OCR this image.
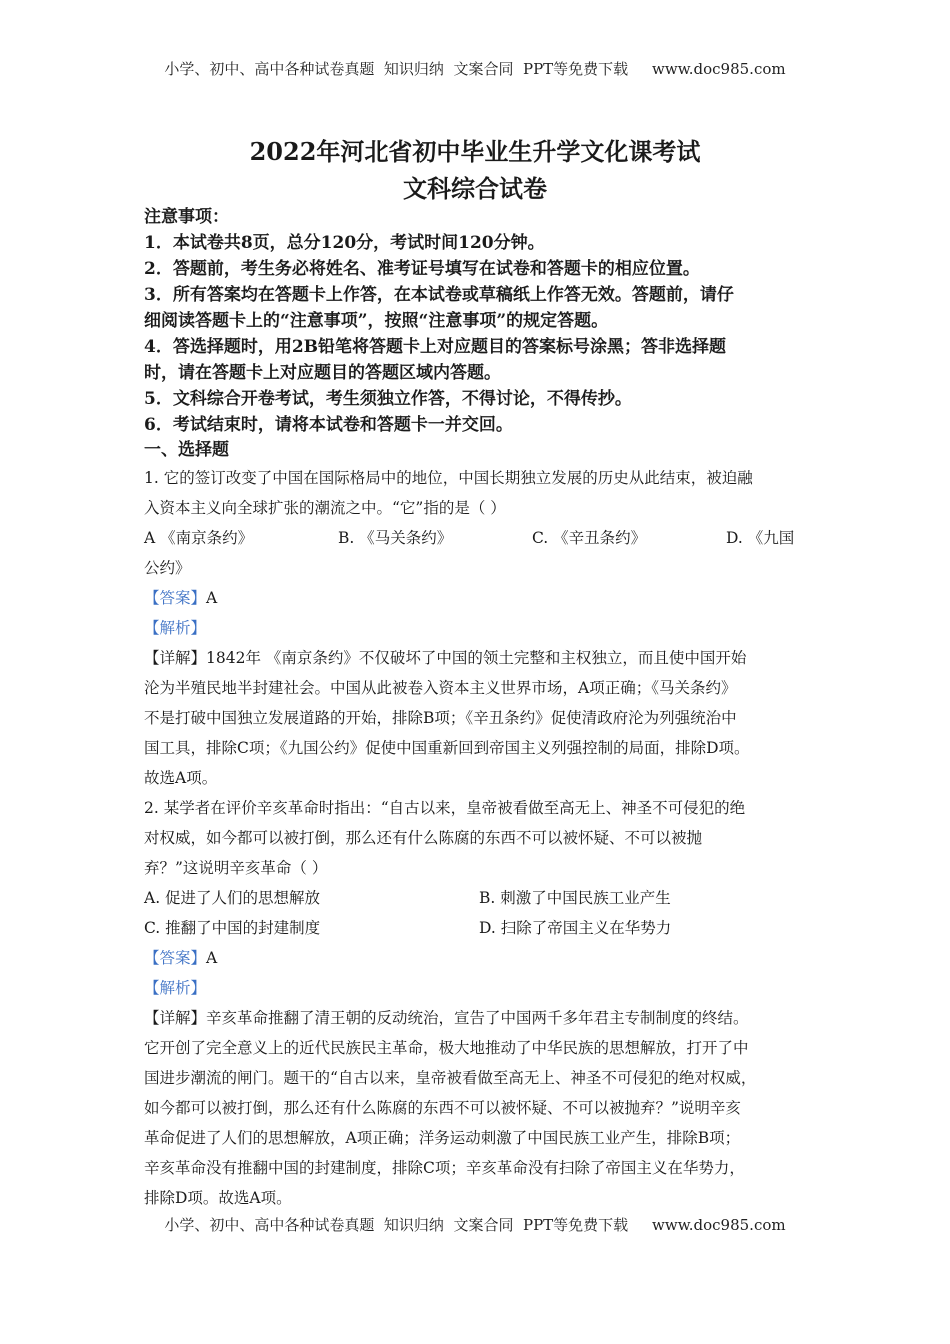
小学、初中、高中各种试卷真题  知识归纳  文案合同  PPT等免费下载     www.doc985.com
2022年河北省初中毕业生升学文化课考试
文科综合试卷
注意事项：
1．本试卷共8页，总分120分，考试时间120分钟。
2．答题前，考生务必将姓名、准考证号填写在试卷和答题卡的相应位置。
3．所有答案均在答题卡上作答，在本试卷或草稿纸上作答无效。答题前，请仔
细阅读答题卡上的“注意事项”，按照“注意事项”的规定答题。
4．答选择题时，用2B铅笔将答题卡上对应题目的答案标号涂黑；答非选择题
时，请在答题卡上对应题目的答题区域内答题。
5．文科综合开卷考试，考生须独立作答，不得讨论，不得传抄。
6．考试结束时，请将本试卷和答题卡一并交回。
一、选择题
1. 它的签订改变了中国在国际格局中的地位，中国长期独立发展的历史从此结束，被迫融
入资本主义向全球扩张的潮流之中。“它”指的是（ ）
A 《南京条约》	B. 《马关条约》	C. 《辛丑条约》	D. 《九国
公约》
【答案】A
【解析】
【详解】1842年 《南京条约》不仅破坏了中国的领土完整和主权独立，而且使中国开始
沦为半殖民地半封建社会。中国从此被卷入资本主义世界市场，A项正确；《马关条约》
不是打破中国独立发展道路的开始，排除B项；《辛丑条约》促使清政府沦为列强统治中
国工具，排除C项；《九国公约》促使中国重新回到帝国主义列强控制的局面，排除D项。
故选A项。
2. 某学者在评价辛亥革命时指出：“自古以来，皇帝被看做至高无上、神圣不可侵犯的绝
对权威，如今都可以被打倒，那么还有什么陈腐的东西不可以被怀疑、不可以被抛
弃？”这说明辛亥革命（ ）
A. 促进了人们的思想解放	B. 刺激了中国民族工业产生
C. 推翻了中国的封建制度	D. 扫除了帝国主义在华势力
【答案】A
【解析】
【详解】辛亥革命推翻了清王朝的反动统治，宣告了中国两千多年君主专制制度的终结。
它开创了完全意义上的近代民族民主革命，极大地推动了中华民族的思想解放，打开了中
国进步潮流的闸门。题干的“自古以来，皇帝被看做至高无上、神圣不可侵犯的绝对权威，
如今都可以被打倒，那么还有什么陈腐的东西不可以被怀疑、不可以被抛弃？”说明辛亥
革命促进了人们的思想解放，A项正确；洋务运动刺激了中国民族工业产生，排除B项；
辛亥革命没有推翻中国的封建制度，排除C项；辛亥革命没有扫除了帝国主义在华势力，
排除D项。故选A项。
小学、初中、高中各种试卷真题  知识归纳  文案合同  PPT等免费下载     www.doc985.com
